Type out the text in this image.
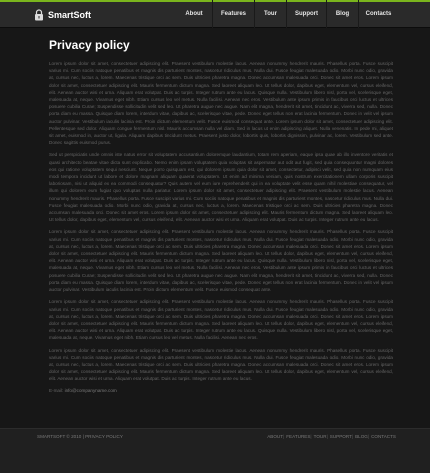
SmartSoft	About	Features	Tour	Support	Blog	Contacts
Privacy policy

Lorem ipsum dolor sit amet, consectetuer adipiscing elit. Praesent vestibulum molestie lacus. Aenean nonummy hendrerit mauris. Phasellus porta. Fusce suscipit varius mi. Cum sociis natoque penatibus et magnis dis parturient montes, nascetur ridiculus mus. Nulla dui. Fusce feugiat malesuada odio. Morbi nunc odio, gravida at, cursus nec, luctus a, lorem. Maecenas tristique orci ac sem. Duis ultricies pharetra magna. Donec accumsan malesuada orci. Donec sit amet eros. Lorem ipsum dolor sit amet, consectetuer adipiscing elit. Mauris fermentum dictum magna. Sed laoreet aliquam leo. Ut tellus dolor, dapibus eget, elementum vel, cursus eleifend, elit. Aenean auctor wisi et urna. Aliquam erat volutpat. Duis ac turpis. Integer rutrum ante eu lacus. Quisque nulla. Vestibulum libero nisl, porta vel, scelerisque eget, malesuada at, neque. Vivamus eget nibh. Etiam cursus leo vel metus. Nulla facilisi. Aenean nec eros. Vestibulum ante ipsum primis in faucibus orci luctus et ultrices posuere cubilia Curae; Suspendisse sollicitudin velit sed leo. Ut pharetra augue nec augue. Nam elit magna, hendrerit sit amet, tincidunt ac, viverra sed, nulla. Donec porta diam eu massa. Quisque diam lorem, interdum vitae, dapibus ac, scelerisque vitae, pede. Donec eget tellus non erat lacinia fermentum. Donec in velit vel ipsum auctor pulvinar. Vestibulum iaculis lacinia est. Proin dictum elementum velit. Fusce euismod consequat ante. Lorem ipsum dolor sit amet, consectetuer adipiscing elit. Pellentesque sed dolor. Aliquam congue fermentum nisl. Mauris accumsan nulla vel diam. Sed in lacus ut enim adipiscing aliquet. Nulla venenatis. In pede mi, aliquet sit amet, euismod in, auctor ut, ligula. Aliquam dapibus tincidunt metus. Praesent justo dolor, lobortis quis, lobortis dignissim, pulvinar ac, lorem. Vestibulum sed ante. Donec sagittis euismod purus.

Sed ut perspiciatis unde omnis iste natus error sit voluptatem accusantium doloremque laudantium, totam rem aperiam, eaque ipsa quae ab illo inventore veritatis et quasi architecto beatae vitae dicta sunt explicabo. Nemo enim ipsam voluptatem quia voluptas sit aspernatur aut odit aut fugit, sed quia consequuntur magni dolores eos qui ratione voluptatem sequi nesciunt. Neque porro quisquam est, qui dolorem ipsum quia dolor sit amet, consectetur, adipisci velit, sed quia non numquam eius modi tempora incidunt ut labore et dolore magnam aliquam quaerat voluptatem. Ut enim ad minima veniam, quis nostrum exercitationem ullam corporis suscipit laboriosam, nisi ut aliquid ex ea commodi consequatur? Quis autem vel eum iure reprehenderit qui in ea voluptate velit esse quam nihil molestiae consequatur, vel illum qui dolorem eum fugiat quo voluptas nulla pariatur. Lorem ipsum dolor sit amet, consectetuer adipiscing elit. Praesent vestibulum molestie lacus. Aenean nonummy hendrerit mauris. Phasellus porta. Fusce suscipit varius mi. Cum sociis natoque penatibus et magnis dis parturient montes, nascetur ridiculus mus. Nulla dui. Fusce feugiat malesuada odio. Morbi nunc odio, gravida at, cursus nec, luctus a, lorem. Maecenas tristique orci ac sem. Duis ultricies pharetra magna. Donec accumsan malesuada orci. Donec sit amet eros. Lorem ipsum dolor sit amet, consectetuer adipiscing elit. Mauris fermentum dictum magna. Sed laoreet aliquam leo. Ut tellus dolor, dapibus eget, elementum vel, cursus eleifend, elit. Aenean auctor wisi et urna. Aliquam erat volutpat. Duis ac turpis. Integer rutrum ante eu lacus.

Lorem ipsum dolor sit amet, consectetuer adipiscing elit. Praesent vestibulum molestie lacus. Aenean nonummy hendrerit mauris. Phasellus porta. Fusce suscipit varius mi. Cum sociis natoque penatibus et magnis dis parturient montes, nascetur ridiculus mus. Nulla dui. Fusce feugiat malesuada odio. Morbi nunc odio, gravida at, cursus nec, luctus a, lorem. Maecenas tristique orci ac sem. Duis ultricies pharetra magna. Donec accumsan malesuada orci. Donec sit amet eros. Lorem ipsum dolor sit amet, consectetuer adipiscing elit. Mauris fermentum dictum magna. Sed laoreet aliquam leo. Ut tellus dolor, dapibus eget, elementum vel, cursus eleifend, elit. Aenean auctor wisi et urna. Aliquam erat volutpat. Duis ac turpis. Integer rutrum ante eu lacus. Quisque nulla. Vestibulum libero nisl, porta vel, scelerisque eget, malesuada at, neque. Vivamus eget nibh. Etiam cursus leo vel metus. Nulla facilisi. Aenean nec eros. Vestibulum ante ipsum primis in faucibus orci luctus et ultrices posuere cubilia Curae; Suspendisse sollicitudin velit sed leo. Ut pharetra augue nec augue. Nam elit magna, hendrerit sit amet, tincidunt ac, viverra sed, nulla. Donec porta diam eu massa. Quisque diam lorem, interdum vitae, dapibus ac, scelerisque vitae, pede. Donec eget tellus non erat lacinia fermentum. Donec in velit vel ipsum auctor pulvinar. Vestibulum iaculis lacinia est. Proin dictum elementum velit. Fusce euismod consequat ante.

Lorem ipsum dolor sit amet, consectetuer adipiscing elit. Praesent vestibulum molestie lacus. Aenean nonummy hendrerit mauris. Phasellus porta. Fusce suscipit varius mi. Cum sociis natoque penatibus et magnis dis parturient montes, nascetur ridiculus mus. Nulla dui. Fusce feugiat malesuada odio. Morbi nunc odio, gravida at, cursus nec, luctus a, lorem. Maecenas tristique orci ac sem. Duis ultricies pharetra magna. Donec accumsan malesuada orci. Donec sit amet eros. Lorem ipsum dolor sit amet, consectetuer adipiscing elit. Mauris fermentum dictum magna. Sed laoreet aliquam leo. Ut tellus dolor, dapibus eget, elementum vel, cursus eleifend, elit. Aenean auctor wisi et urna. Aliquam erat volutpat. Duis ac turpis. Integer rutrum ante eu lacus. Quisque nulla. Vestibulum libero nisl, porta vel, scelerisque eget, malesuada at, neque. Vivamus eget nibh. Etiam cursus leo vel metus. Nulla facilisi. Aenean nec eros.

Lorem ipsum dolor sit amet, consectetuer adipiscing elit. Praesent vestibulum molestie lacus. Aenean nonummy hendrerit mauris. Phasellus porta. Fusce suscipit varius mi. Cum sociis natoque penatibus et magnis dis parturient montes, nascetur ridiculus mus. Nulla dui. Fusce feugiat malesuada odio. Morbi nunc odio, gravida at, cursus nec, luctus a, lorem. Maecenas tristique orci ac sem. Duis ultricies pharetra magna. Donec accumsan malesuada orci. Donec sit amet eros. Lorem ipsum dolor sit amet, consectetuer adipiscing elit. Mauris fermentum dictum magna. Sed laoreet aliquam leo. Ut tellus dolor, dapibus eget, elementum vel, cursus eleifend, elit. Aenean auctor wisi et urna. Aliquam erat volutpat. Duis ac turpis. Integer rutrum ante eu lacus.

E-mail: info@companyname.com
SMARTSOFT © 2010 | PRIVACY POLICY	ABOUT | FEATURES | TOUR | SUPPORT | BLOG | CONTACTS
